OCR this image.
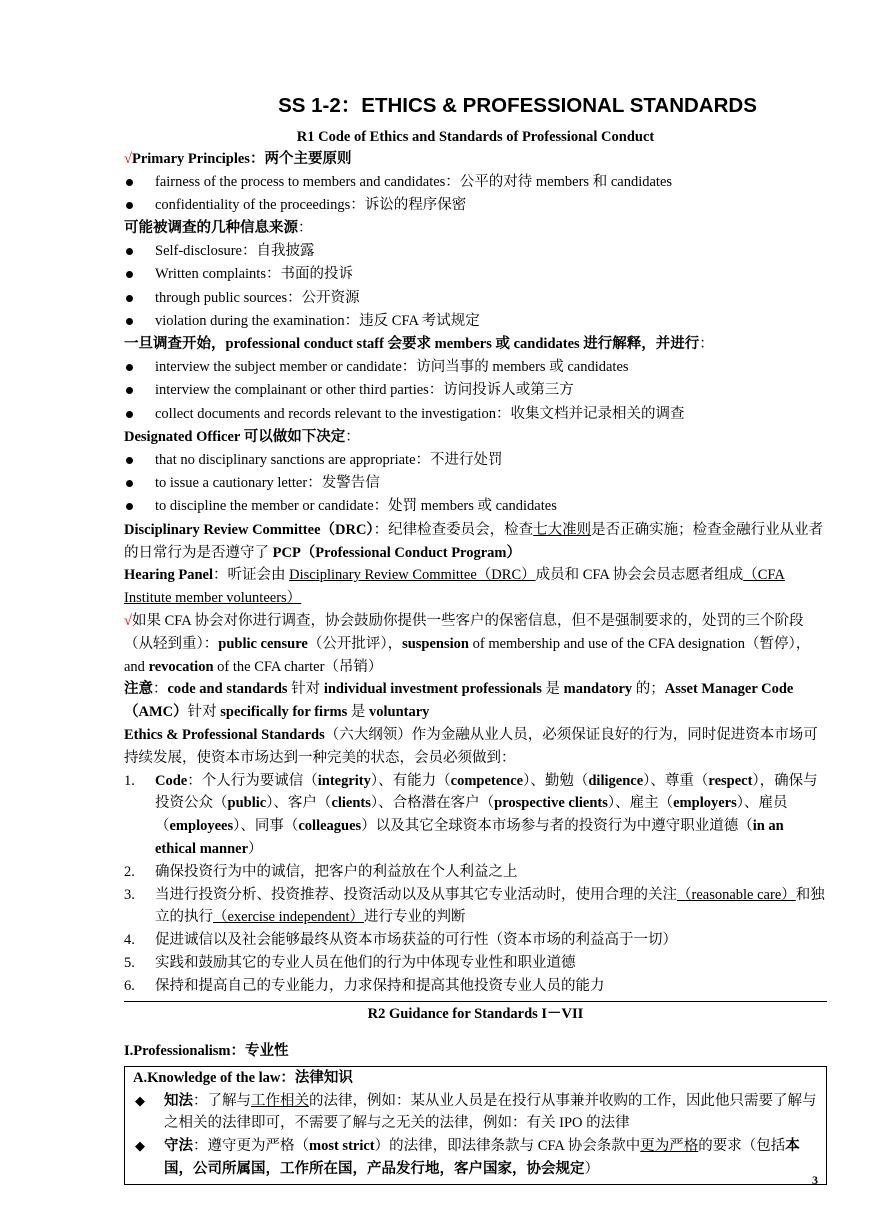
SS 1-2：ETHICS & PROFESSIONAL STANDARDS

R1 Code of Ethics and Standards of Professional Conduct

√Primary Principles：两个主要原则

fairness of the process to members and candidates：公平的对待 members 和 candidates
confidentiality of the proceedings：诉讼的程序保密

可能被调查的几种信息来源：

Self-disclosure：自我披露
Written complaints：书面的投诉
through public sources：公开资源
violation during the examination：违反 CFA 考试规定

一旦调查开始，professional conduct staff 会要求 members 或 candidates 进行解释，并进行：

interview the subject member or candidate：访问当事的 members 或 candidates
interview the complainant or other third parties：访问投诉人或第三方
collect documents and records relevant to the investigation：收集文档并记录相关的调查

Designated Officer 可以做如下决定：

that no disciplinary sanctions are appropriate：不进行处罚
to issue a cautionary letter：发警告信
to discipline the member or candidate：处罚 members 或 candidates

Disciplinary Review Committee（DRC）：纪律检查委员会，检查七大准则是否正确实施；检查金融行业从业者的日常行为是否遵守了 PCP（Professional Conduct Program）

Hearing Panel：听证会由 Disciplinary Review Committee（DRC）成员和 CFA 协会会员志愿者组成（CFA Institute member volunteers）

√如果 CFA 协会对你进行调查，协会鼓励你提供一些客户的保密信息，但不是强制要求的，处罚的三个阶段（从轻到重）：public censure（公开批评），suspension of membership and use of the CFA designation（暂停），and revocation of the CFA charter（吊销）

注意：code and standards 针对 individual investment professionals 是 mandatory 的；Asset Manager Code（AMC）针对 specifically for firms 是 voluntary

Ethics & Professional Standards（六大纲领）作为金融从业人员，必须保证良好的行为，同时促进资本市场可持续发展，使资本市场达到一种完美的状态，会员必须做到：

1. Code：个人行为要诚信（integrity）、有能力（competence）、勤勉（diligence）、尊重（respect），确保与投资公众（public）、客户（clients）、合格潜在客户（prospective clients）、雇主（employers）、雇员（employees）、同事（colleagues）以及其它全球资本市场参与者的投资行为中遵守职业道德（in an ethical manner）
2. 确保投资行为中的诚信，把客户的利益放在个人利益之上
3. 当进行投资分析、投资推荐、投资活动以及从事其它专业活动时，使用合理的关注（reasonable care）和独立的执行（exercise independent）进行专业的判断
4. 促进诚信以及社会能够最终从资本市场获益的可行性（资本市场的利益高于一切）
5. 实践和鼓励其它的专业人员在他们的行为中体现专业性和职业道德
6. 保持和提高自己的专业能力，力求保持和提高其他投资专业人员的能力

R2 Guidance for Standards I－VII

I.Professionalism：专业性

A.Knowledge of the law：法律知识

◆ 知法：了解与工作相关的法律，例如：某从业人员是在投行从事兼并收购的工作，因此他只需要了解与之相关的法律即可，不需要了解与之无关的法律，例如：有关 IPO 的法律
◆ 守法：遵守更为严格（most strict）的法律，即法律条款与 CFA 协会条款中更为严格的要求（包括本国，公司所属国，工作所在国，产品发行地，客户国家，协会规定）
3
